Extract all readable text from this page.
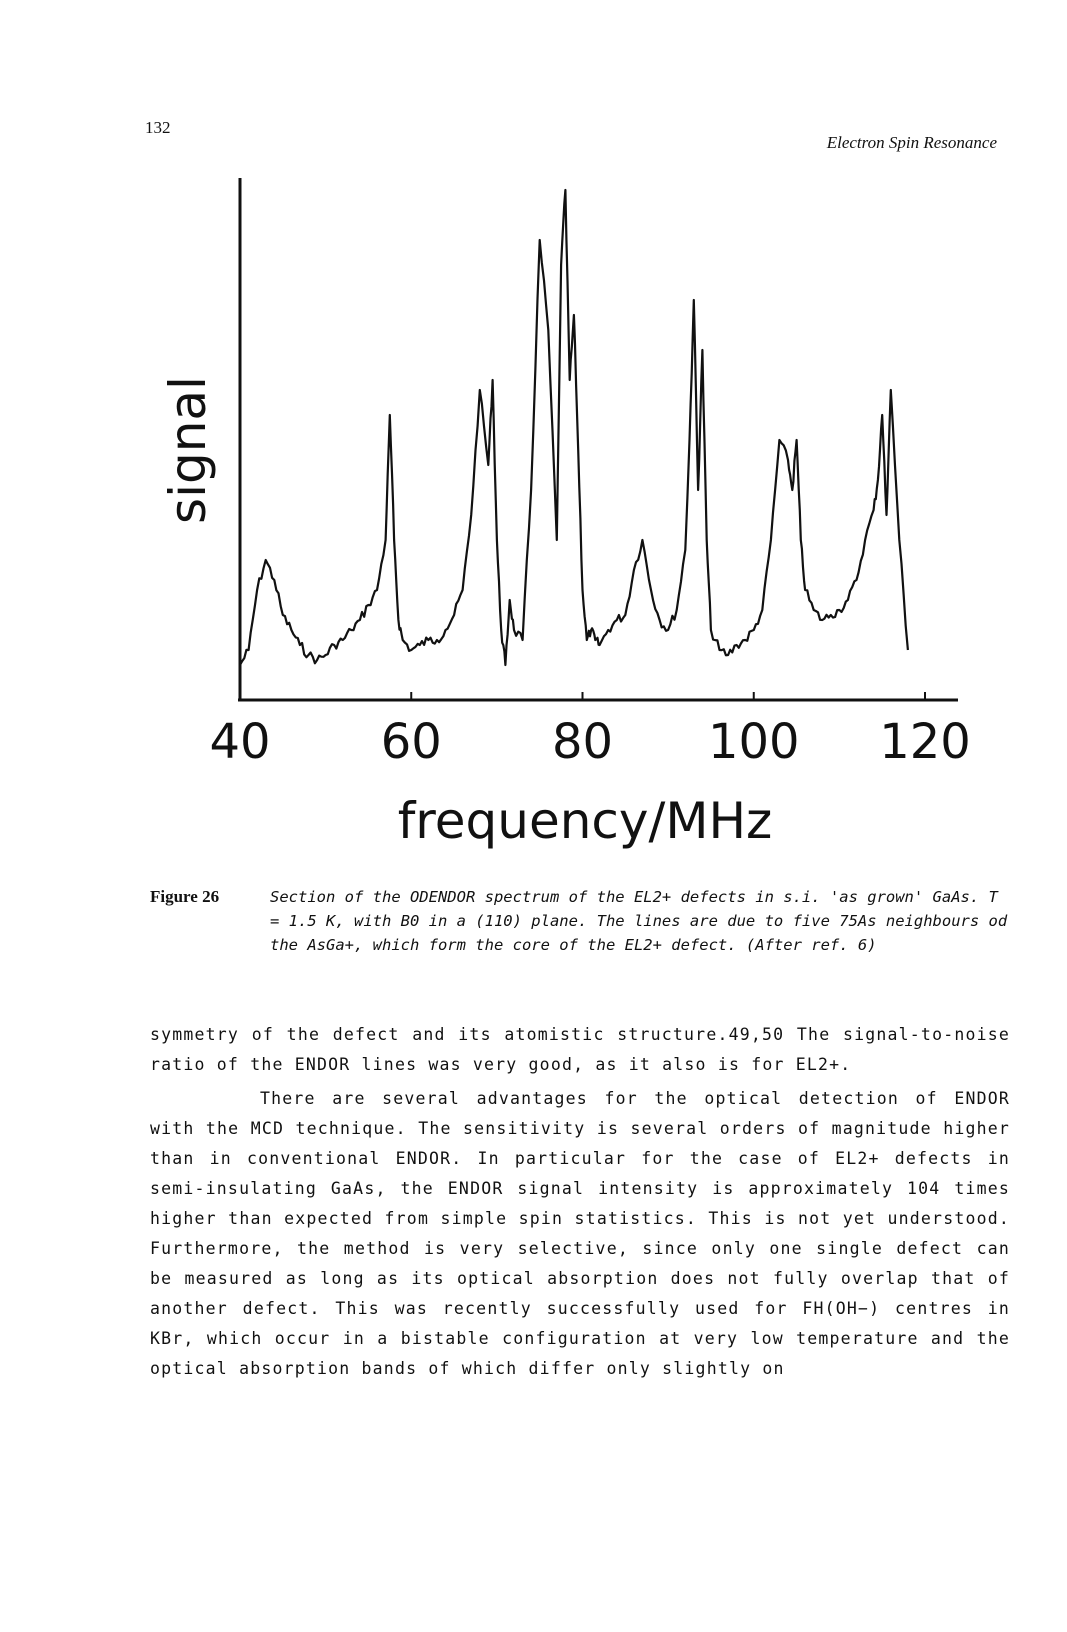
132
Electron Spin Resonance
40 60 80 100 120
signal
frequency/MHz
Figure 26	Section of the ODENDOR spectrum of the EL2+ defects in s.i. 'as grown' GaAs. T = 1.5 K, with B0 in a (110) plane. The lines are due to five 75As neighbours od the AsGa+, which form the core of the EL2+ defect. (After ref. 6)

symmetry of the defect and its atomistic structure.49,50 The signal-to-noise ratio of the ENDOR lines was very good, as it also is for EL2+.

There are several advantages for the optical detection of ENDOR with the MCD technique. The sensitivity is several orders of magnitude higher than in conventional ENDOR. In particular for the case of EL2+ defects in semi-insulating GaAs, the ENDOR signal intensity is approximately 104 times higher than expected from simple spin statistics. This is not yet understood. Furthermore, the method is very selective, since only one single defect can be measured as long as its optical absorption does not fully overlap that of another defect. This was recently successfully used for FH(OH−) centres in KBr, which occur in a bistable configuration at very low temperature and the optical absorption bands of which differ only slightly on
